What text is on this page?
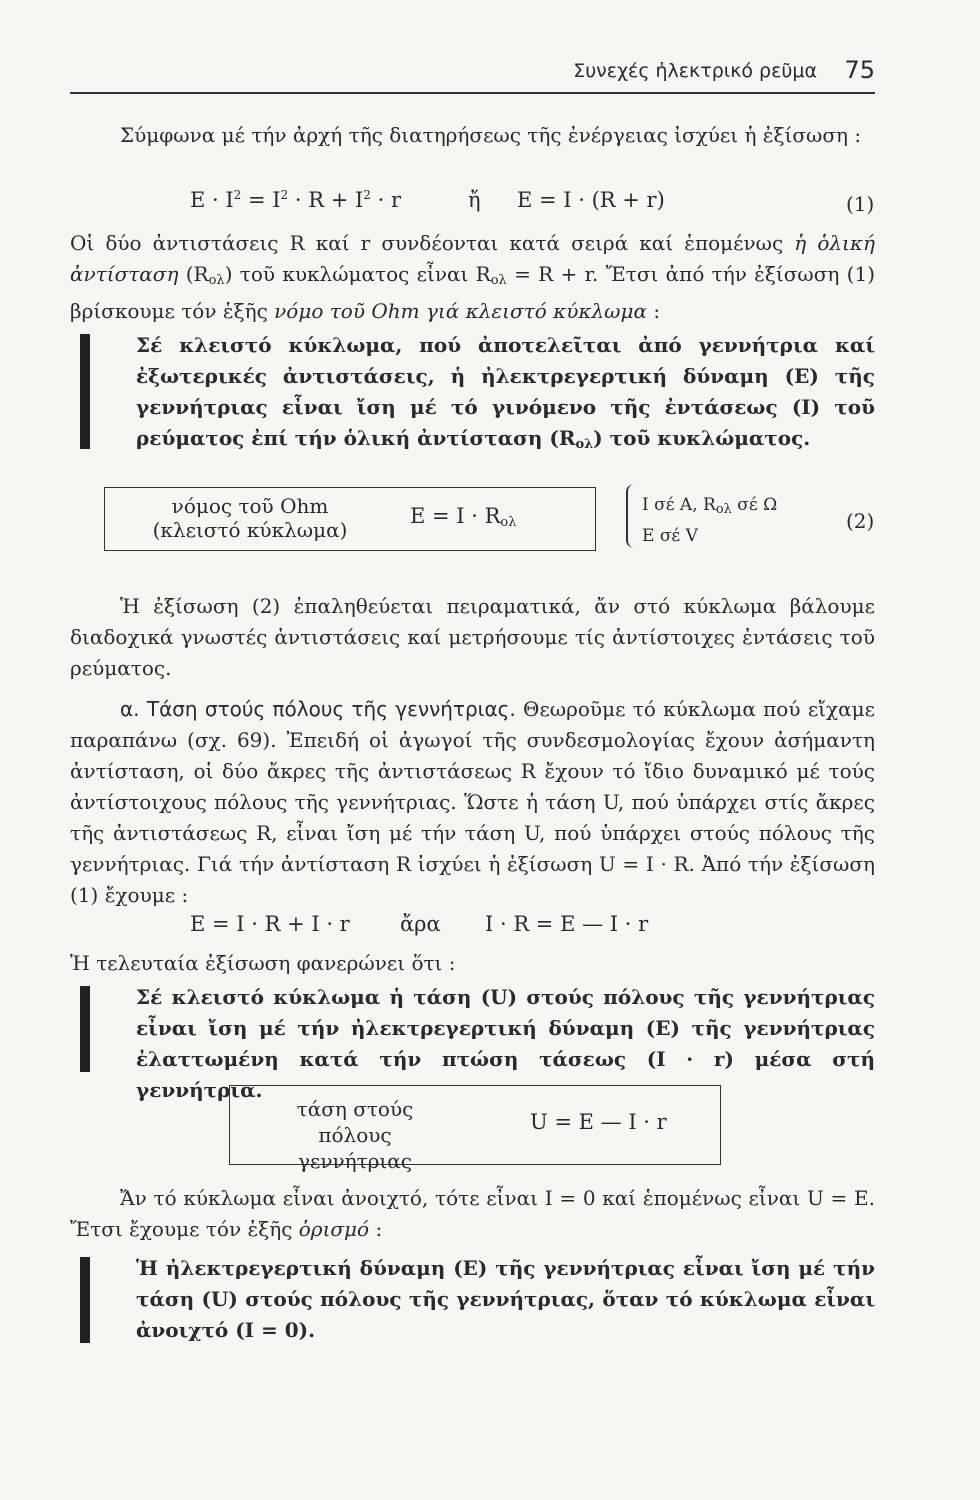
Συνεχές ἠλεκτρικό ρεῦμα 75

Σύμφωνα μέ τήν ἀρχή τῆς διατηρήσεως τῆς ἐνέργειας ἰσχύει ἡ ἐξίσωση :

$E \cdot I^2 = I^2 \cdot R + I^2 \cdot r$	ἤ E = I · (R + r)	(1)

Οἱ δύο ἀντιστάσεις R καί r συνδέονται κατά σειρά καί ἑπομένως ἡ ὁλική ἀντίσταση $(R_{o\lambda})$ τοῦ κυκλώματος εἶναι $R_{o\lambda} = R + r$. Ἔτσι ἀπό τήν ἐξίσωση (1) βρίσκουμε τόν ἑξῆς νόμο τοῦ Ohm γιά κλειστό κύκλωμα :

Σέ κλειστό κύκλωμα, πού ἀποτελεῖται ἀπό γεννήτρια καί ἐξωτερικές ἀντιστάσεις, ἡ ἠλεκτρεγερτική δύναμη (E) τῆς γεννήτριας εἶναι ἴση μέ τό γινόμενο τῆς ἐντάσεως (I) τοῦ ρεύματος ἐπί τήν ὁλική ἀντίσταση $(R_{o\lambda})$ τοῦ κυκλώματος.

νόμος τοῦ Ohm
(κλειστό κύκλωμα)
$E = I \cdot R_{o\lambda}$
I σέ A, $R_{o\lambda}$ σέ Ω
E σέ V
(2)

Ἡ ἐξίσωση (2) ἐπαληθεύεται πειραματικά, ἄν στό κύκλωμα βάλουμε διαδοχικά γνωστές ἀντιστάσεις καί μετρήσουμε τίς ἀντίστοιχες ἐντάσεις τοῦ ρεύματος.

α. Τάση στούς πόλους τῆς γεννήτριας. Θεωροῦμε τό κύκλωμα πού εἴχαμε παραπάνω (σχ. 69). Ἐπειδή οἱ ἀγωγοί τῆς συνδεσμολογίας ἔχουν ἀσήμαντη ἀντίσταση, οἱ δύο ἄκρες τῆς ἀντιστάσεως R ἔχουν τό ἴδιο δυναμικό μέ τούς ἀντίστοιχους πόλους τῆς γεννήτριας. Ὥστε ἡ τάση U, πού ὑπάρχει στίς ἄκρες τῆς ἀντιστάσεως R, εἶναι ἴση μέ τήν τάση U, πού ὑπάρχει στούς πόλους τῆς γεννήτριας. Γιά τήν ἀντίσταση R ἰσχύει ἡ ἐξίσωση U = I · R. Ἀπό τήν ἐξίσωση (1) ἔχουμε :

E = I · R + I · r ἄρα I · R = E — I · r

Ἡ τελευταία ἐξίσωση φανερώνει ὅτι :

Σέ κλειστό κύκλωμα ἡ τάση (U) στούς πόλους τῆς γεννήτριας εἶναι ἴση μέ τήν ἠλεκτρεγερτική δύναμη (E) τῆς γεννήτριας ἐλαττωμένη κατά τήν πτώση τάσεως (I · r) μέσα στή γεννήτρια.

τάση στούς πόλους
γεννήτριας
U = E — I · r

Ἄν τό κύκλωμα εἶναι ἀνοιχτό, τότε εἶναι I = 0 καί ἑπομένως εἶναι U = E. Ἔτσι ἔχουμε τόν ἑξῆς ὁρισμό :

Ἡ ἠλεκτρεγερτική δύναμη (E) τῆς γεννήτριας εἶναι ἴση μέ τήν τάση (U) στούς πόλους τῆς γεννήτριας, ὅταν τό κύκλωμα εἶναι ἀνοιχτό (I = 0).
